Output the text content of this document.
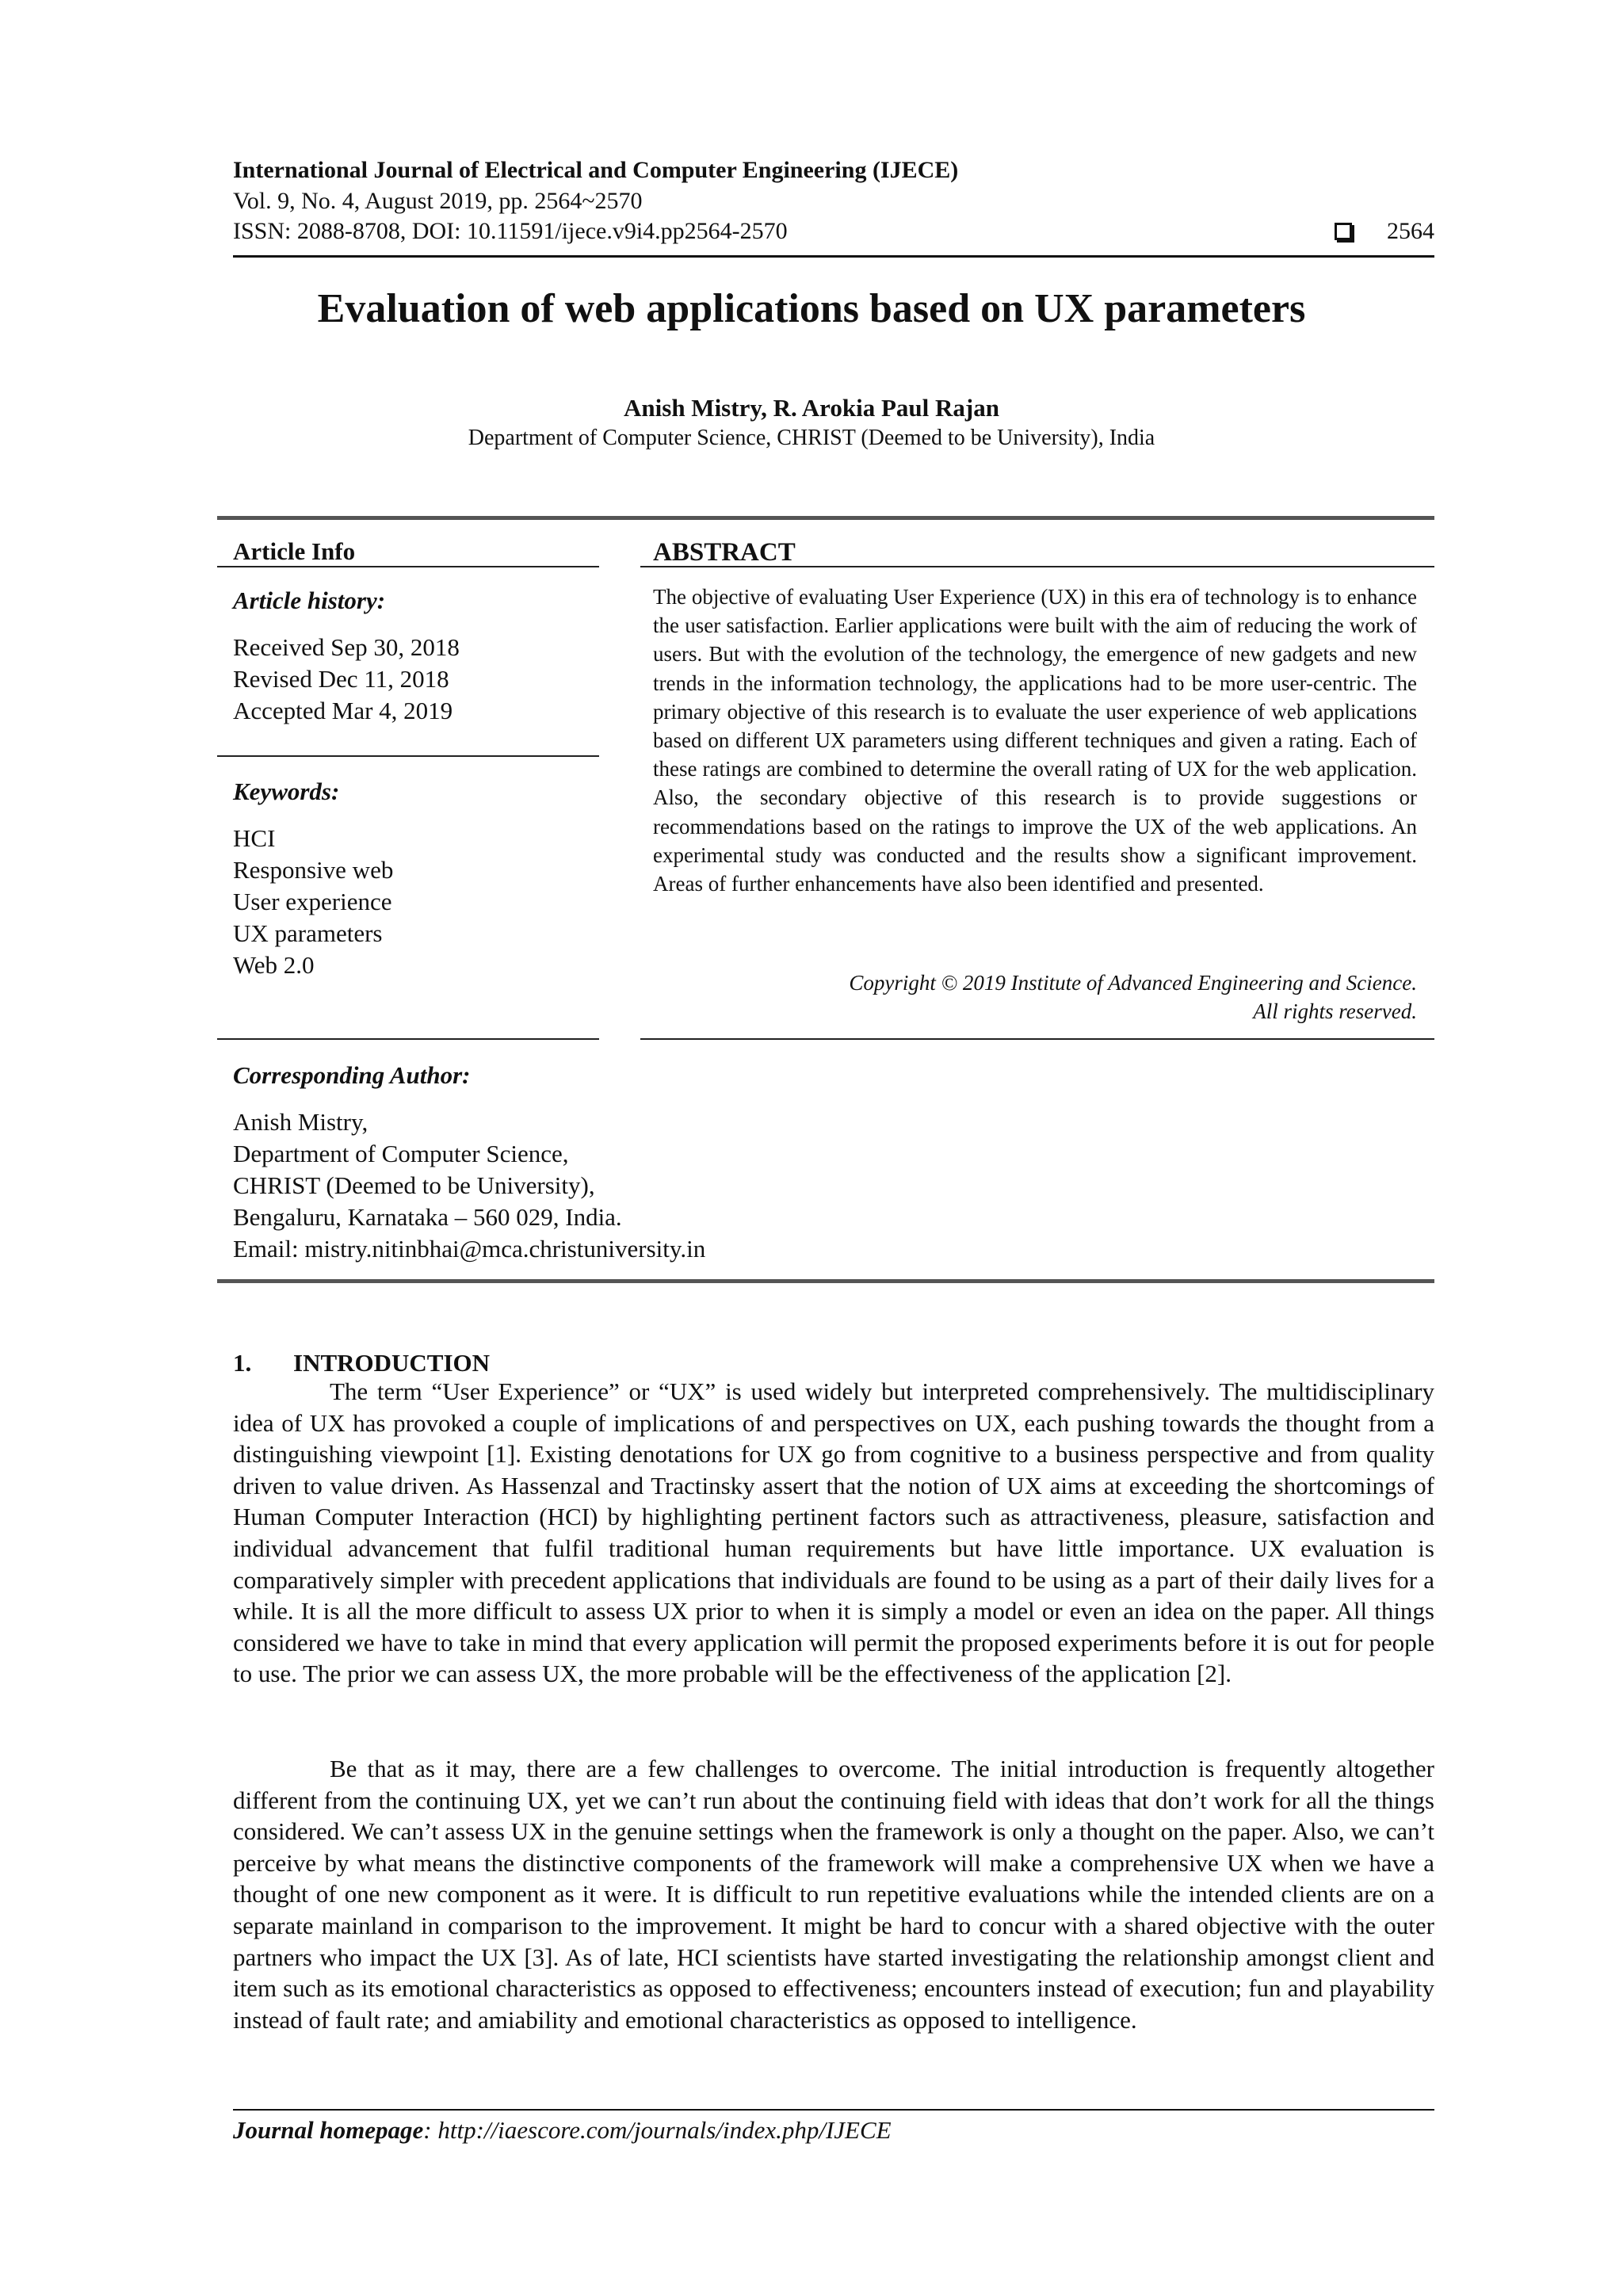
International Journal of Electrical and Computer Engineering (IJECE)
Vol. 9, No. 4, August 2019, pp. 2564~2570
ISSN: 2088-8708, DOI: 10.11591/ijece.v9i4.pp2564-2570	2564
Evaluation of web applications based on UX parameters
Anish Mistry, R. Arokia Paul Rajan
Department of Computer Science, CHRIST (Deemed to be University), India
Article Info
Article history:
Received Sep 30, 2018
Revised Dec 11, 2018
Accepted Mar 4, 2019
Keywords:
HCI
Responsive web
User experience
UX parameters
Web 2.0
Corresponding Author:
Anish Mistry,
Department of Computer Science,
CHRIST (Deemed to be University),
Bengaluru, Karnataka – 560 029, India.
Email: mistry.nitinbhai@mca.christuniversity.in
ABSTRACT
The objective of evaluating User Experience (UX) in this era of technology is to enhance the user satisfaction. Earlier applications were built with the aim of reducing the work of users. But with the evolution of the technology, the emergence of new gadgets and new trends in the information technology, the applications had to be more user-centric. The primary objective of this research is to evaluate the user experience of web applications based on different UX parameters using different techniques and given a rating. Each of these ratings are combined to determine the overall rating of UX for the web application. Also, the secondary objective of this research is to provide suggestions or recommendations based on the ratings to improve the UX of the web applications. An experimental study was conducted and the results show a significant improvement. Areas of further enhancements have also been identified and presented.
Copyright © 2019 Institute of Advanced Engineering and Science.
All rights reserved.
1. INTRODUCTION

The term “User Experience” or “UX” is used widely but interpreted comprehensively. The multidisciplinary idea of UX has provoked a couple of implications of and perspectives on UX, each pushing towards the thought from a distinguishing viewpoint [1]. Existing denotations for UX go from cognitive to a business perspective and from quality driven to value driven. As Hassenzal and Tractinsky assert that the notion of UX aims at exceeding the shortcomings of Human Computer Interaction (HCI) by highlighting pertinent factors such as attractiveness, pleasure, satisfaction and individual advancement that fulfil traditional human requirements but have little importance. UX evaluation is comparatively simpler with precedent applications that individuals are found to be using as a part of their daily lives for a while. It is all the more difficult to assess UX prior to when it is simply a model or even an idea on the paper. All things considered we have to take in mind that every application will permit the proposed experiments before it is out for people to use. The prior we can assess UX, the more probable will be the effectiveness of the application [2].

Be that as it may, there are a few challenges to overcome. The initial introduction is frequently altogether different from the continuing UX, yet we can’t run about the continuing field with ideas that don’t work for all the things considered. We can’t assess UX in the genuine settings when the framework is only a thought on the paper. Also, we can’t perceive by what means the distinctive components of the framework will make a comprehensive UX when we have a thought of one new component as it were. It is difficult to run repetitive evaluations while the intended clients are on a separate mainland in comparison to the improvement. It might be hard to concur with a shared objective with the outer partners who impact the UX [3]. As of late, HCI scientists have started investigating the relationship amongst client and item such as its emotional characteristics as opposed to effectiveness; encounters instead of execution; fun and playability instead of fault rate; and amiability and emotional characteristics as opposed to intelligence.

Journal homepage: http://iaescore.com/journals/index.php/IJECE
